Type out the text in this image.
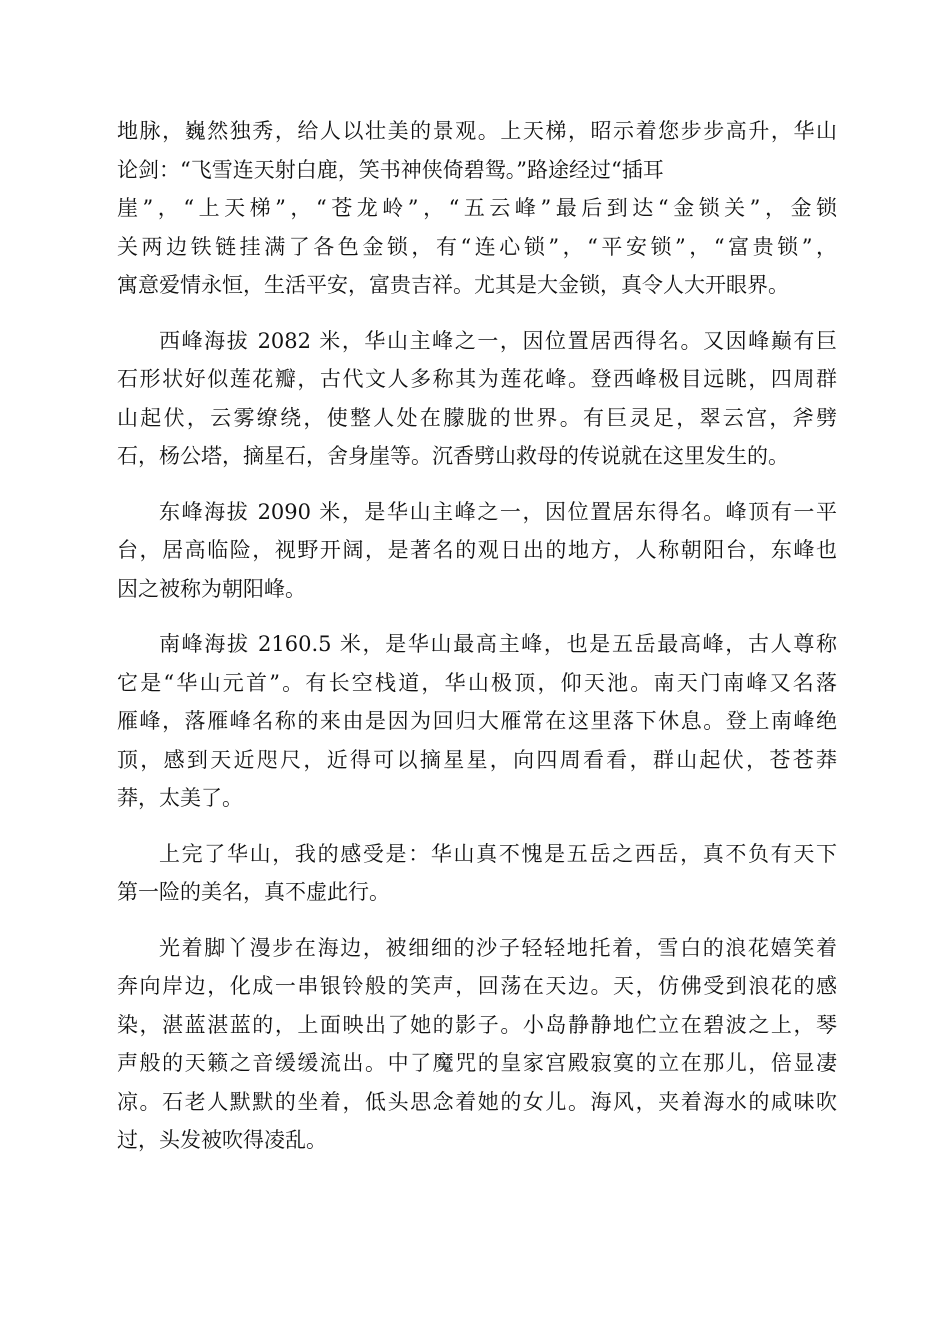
地脉，巍然独秀，给人以壮美的景观。上天梯，昭示着您步步高升，华山
论剑：“飞雪连天射白鹿，笑书神侠倚碧鸳。”路途经过“插耳
崖”，“上天梯”，“苍龙岭”，“五云峰”最后到达“金锁关”，金锁
关两边铁链挂满了各色金锁，有“连心锁”，“平安锁”，“富贵锁”，
寓意爱情永恒，生活平安，富贵吉祥。尤其是大金锁，真令人大开眼界。

西峰海拔 2082 米，华山主峰之一，因位置居西得名。又因峰巅有巨
石形状好似莲花瓣，古代文人多称其为莲花峰。登西峰极目远眺，四周群
山起伏，云雾缭绕，使整人处在朦胧的世界。有巨灵足，翠云宫，斧劈
石，杨公塔，摘星石，舍身崖等。沉香劈山救母的传说就在这里发生的。

东峰海拔 2090 米，是华山主峰之一，因位置居东得名。峰顶有一平
台，居高临险，视野开阔，是著名的观日出的地方，人称朝阳台，东峰也
因之被称为朝阳峰。

南峰海拔 2160.5 米，是华山最高主峰，也是五岳最高峰，古人尊称
它是“华山元首”。有长空栈道，华山极顶，仰天池。南天门南峰又名落
雁峰，落雁峰名称的来由是因为回归大雁常在这里落下休息。登上南峰绝
顶，感到天近咫尺，近得可以摘星星，向四周看看，群山起伏，苍苍莽
莽，太美了。

上完了华山，我的感受是：华山真不愧是五岳之西岳，真不负有天下
第一险的美名，真不虚此行。

光着脚丫漫步在海边，被细细的沙子轻轻地托着，雪白的浪花嬉笑着
奔向岸边，化成一串银铃般的笑声，回荡在天边。天，仿佛受到浪花的感
染，湛蓝湛蓝的，上面映出了她的影子。小岛静静地伫立在碧波之上，琴
声般的天籁之音缓缓流出。中了魔咒的皇家宫殿寂寞的立在那儿，倍显凄
凉。石老人默默的坐着，低头思念着她的女儿。海风，夹着海水的咸味吹
过，头发被吹得凌乱。
